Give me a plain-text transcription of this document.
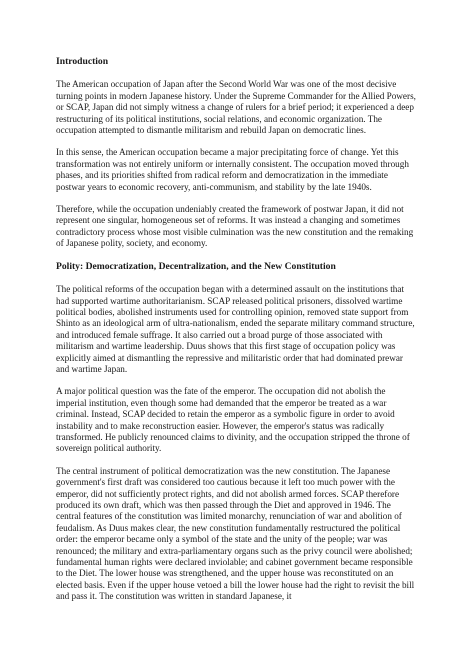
Introduction

The American occupation of Japan after the Second World War was one of the most decisive turning points in modern Japanese history. Under the Supreme Commander for the Allied Powers, or SCAP, Japan did not simply witness a change of rulers for a brief period; it experienced a deep restructuring of its political institutions, social relations, and economic organization. The occupation attempted to dismantle militarism and rebuild Japan on democratic lines.

In this sense, the American occupation became a major precipitating force of change. Yet this transformation was not entirely uniform or internally consistent. The occupation moved through phases, and its priorities shifted from radical reform and democratization in the immediate postwar years to economic recovery, anti-communism, and stability by the late 1940s.

Therefore, while the occupation undeniably created the framework of postwar Japan, it did not represent one singular, homogeneous set of reforms. It was instead a changing and sometimes contradictory process whose most visible culmination was the new constitution and the remaking of Japanese polity, society, and economy.

Polity: Democratization, Decentralization, and the New Constitution

The political reforms of the occupation began with a determined assault on the institutions that had supported wartime authoritarianism. SCAP released political prisoners, dissolved wartime political bodies, abolished instruments used for controlling opinion, removed state support from Shinto as an ideological arm of ultra-nationalism, ended the separate military command structure, and introduced female suffrage. It also carried out a broad purge of those associated with militarism and wartime leadership. Duus shows that this first stage of occupation policy was explicitly aimed at dismantling the repressive and militaristic order that had dominated prewar and wartime Japan.

A major political question was the fate of the emperor. The occupation did not abolish the imperial institution, even though some had demanded that the emperor be treated as a war criminal. Instead, SCAP decided to retain the emperor as a symbolic figure in order to avoid instability and to make reconstruction easier. However, the emperor's status was radically transformed. He publicly renounced claims to divinity, and the occupation stripped the throne of sovereign political authority.

The central instrument of political democratization was the new constitution. The Japanese government's first draft was considered too cautious because it left too much power with the emperor, did not sufficiently protect rights, and did not abolish armed forces. SCAP therefore produced its own draft, which was then passed through the Diet and approved in 1946. The central features of the constitution was limited monarchy, renunciation of war and abolition of feudalism. As Duus makes clear, the new constitution fundamentally restructured the political order: the emperor became only a symbol of the state and the unity of the people; war was renounced; the military and extra-parliamentary organs such as the privy council were abolished; fundamental human rights were declared inviolable; and cabinet government became responsible to the Diet. The lower house was strengthened, and the upper house was reconstituted on an elected basis. Even if the upper house vetoed a bill the lower house had the right to revisit the bill and pass it. The constitution was written in standard Japanese, it
